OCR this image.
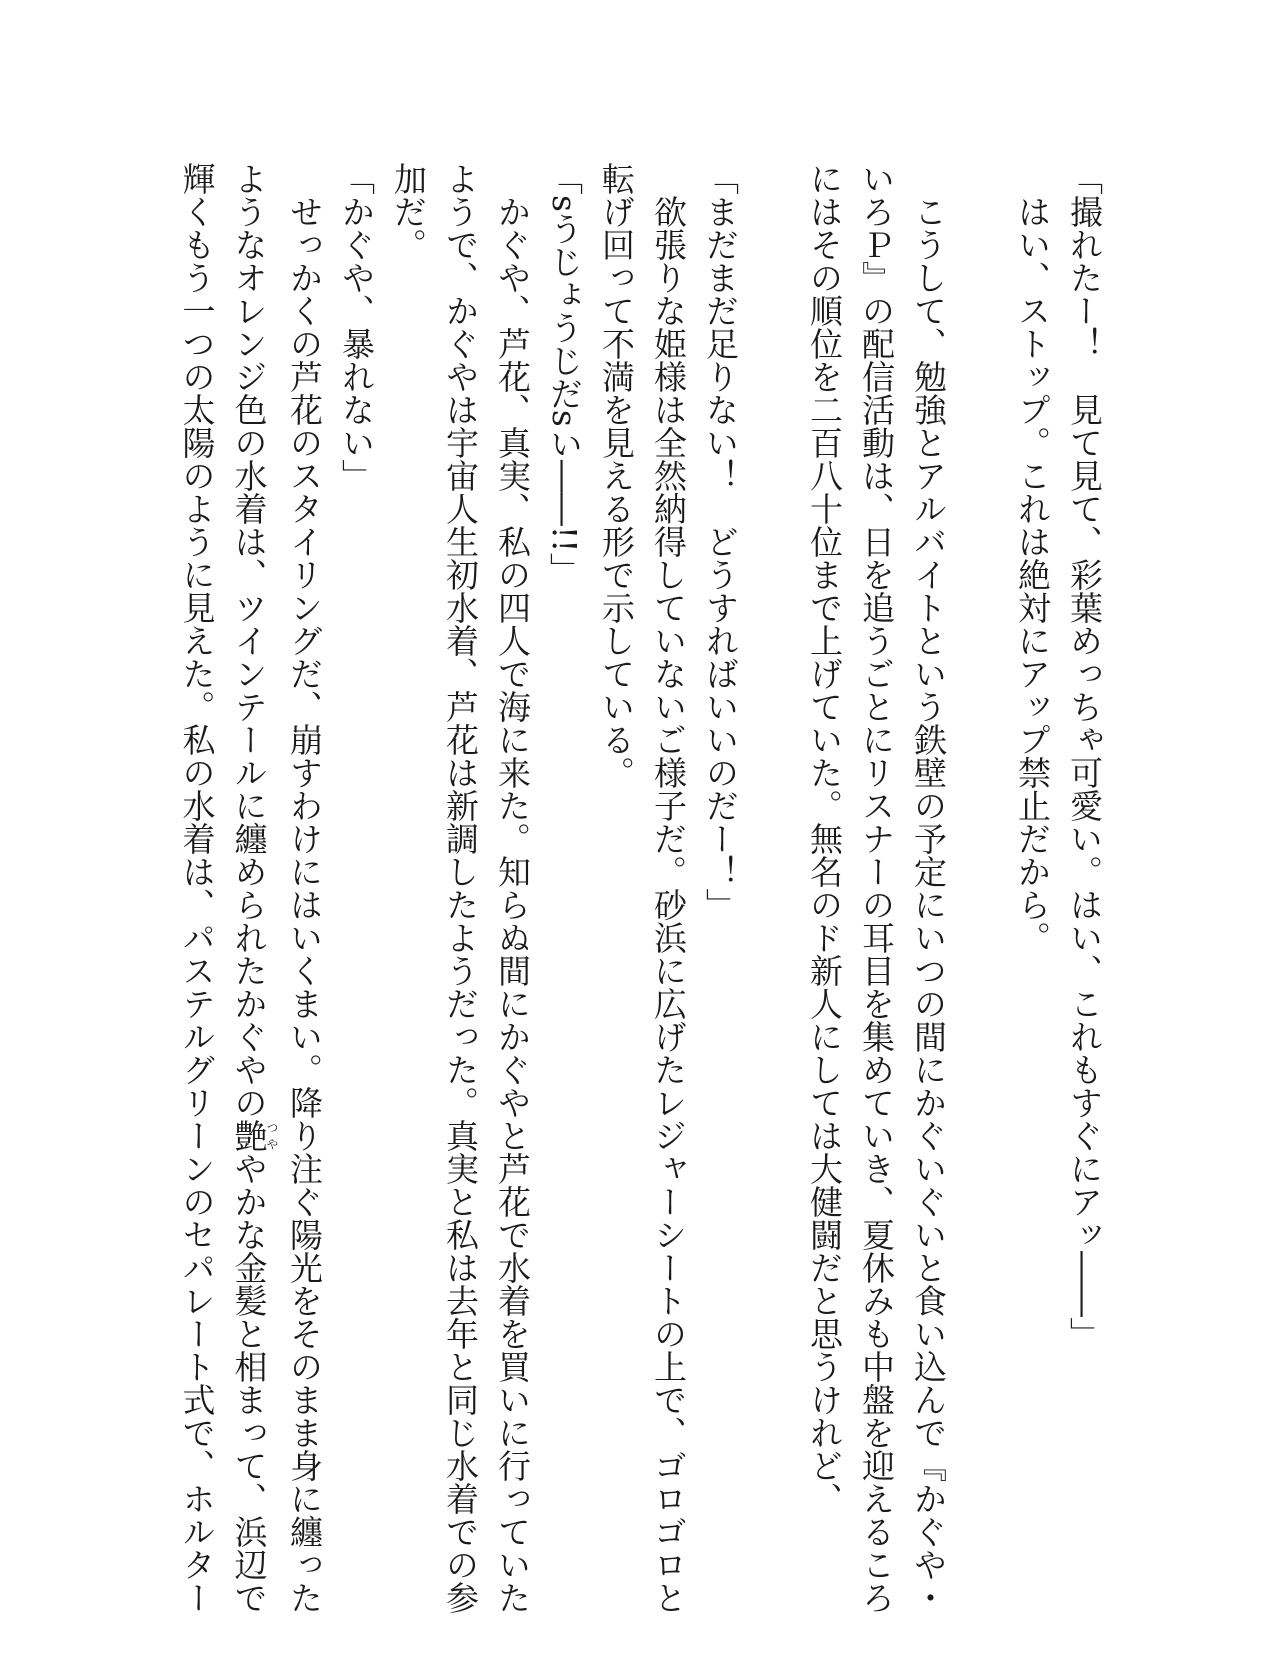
「撮れたー！　見て見て、彩葉めっちゃ可愛い。はい、これもすぐにアッ――」
　はい、ストップ。これは絶対にアップ禁止だから。
　こうして、勉強とアルバイトという鉄壁の予定にいつの間にかぐいぐいと食い込んで『かぐや・
いろＰ』の配信活動は、日を追うごとにリスナーの耳目を集めていき、夏休みも中盤を迎えるころ
にはその順位を二百八十位まで上げていた。無名のド新人にしては大健闘だと思うけれど、
「まだまだ足りない！　どうすればいいのだー！」
　欲張りな姫様は全然納得していないご様子だ。砂浜に広げたレジャーシートの上で、ゴロゴロと
転げ回って不満を見える形で示している。
「sうじょうじだsい――!!」
　かぐや、芦花、真実、私の四人で海に来た。知らぬ間にかぐやと芦花で水着を買いに行っていた
ようで、かぐやは宇宙人生初水着、芦花は新調したようだった。真実と私は去年と同じ水着での参
加だ。
「かぐや、暴れない」
　せっかくの芦花のスタイリングだ、崩すわけにはいくまい。降り注ぐ陽光をそのまま身に纏った
ようなオレンジ色の水着は、ツインテールに纏められたかぐやの艶つややかな金髪と相まって、浜辺で
輝くもう一つの太陽のように見えた。私の水着は、パステルグリーンのセパレート式で、ホルター
